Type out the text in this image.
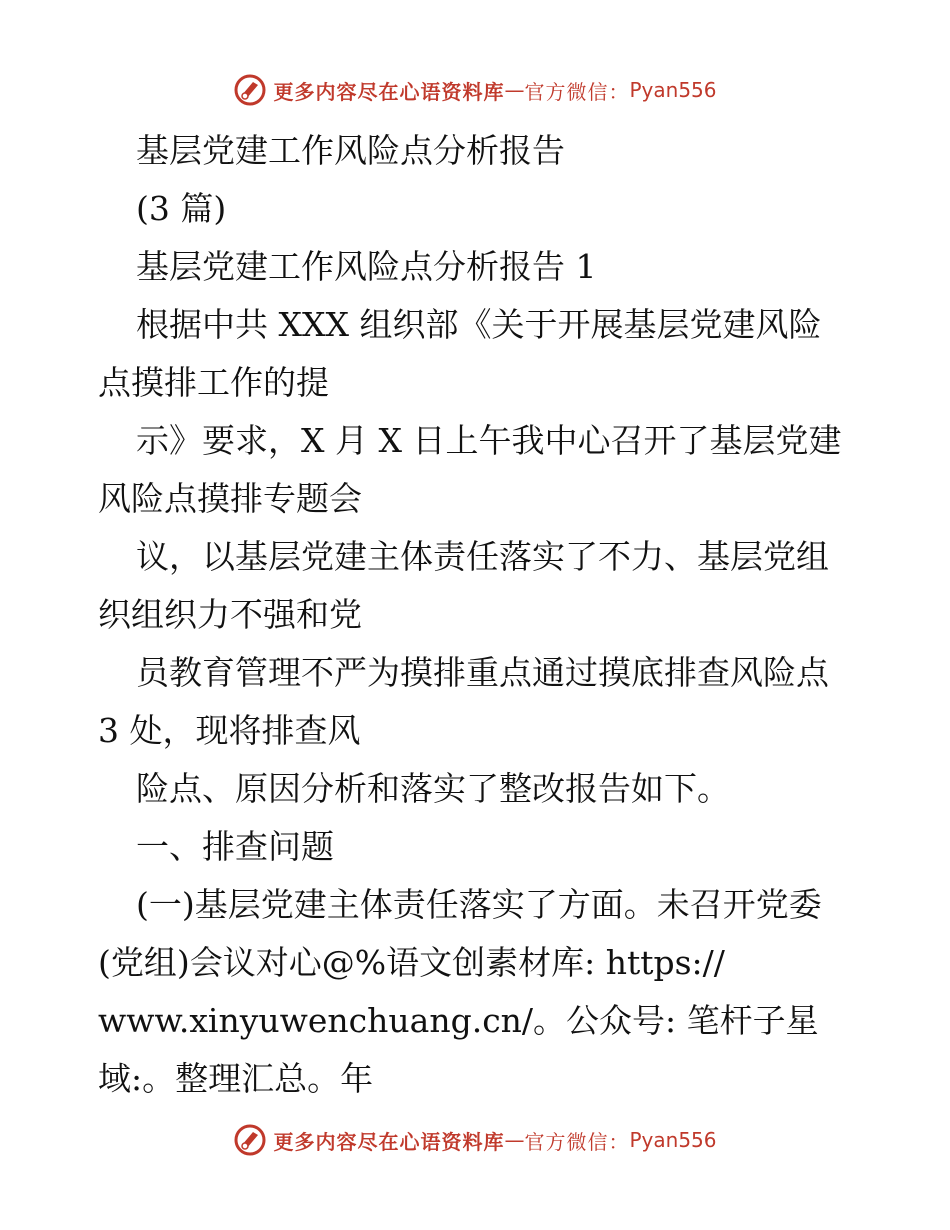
更多内容尽在心语资料库 — 官方微信： Pyan556
基层党建工作风险点分析报告
(3 篇)
基层党建工作风险点分析报告 1
根据中共 XXX 组织部《关于开展基层党建风险
点摸排工作的提
示》要求，X 月 X 日上午我中心召开了基层党建
风险点摸排专题会
议，以基层党建主体责任落实了不力、基层党组
织组织力不强和党
员教育管理不严为摸排重点通过摸底排查风险点
3 处，现将排查风
险点、原因分析和落实了整改报告如下。
一、排查问题
(一)基层党建主体责任落实了方面。未召开党委
(党组)会议对心@%语文创素材库: https://
www.xinyuwenchuang.cn/。公众号: 笔杆子星
域:。整理汇总。年
更多内容尽在心语资料库 — 官方微信： Pyan556
